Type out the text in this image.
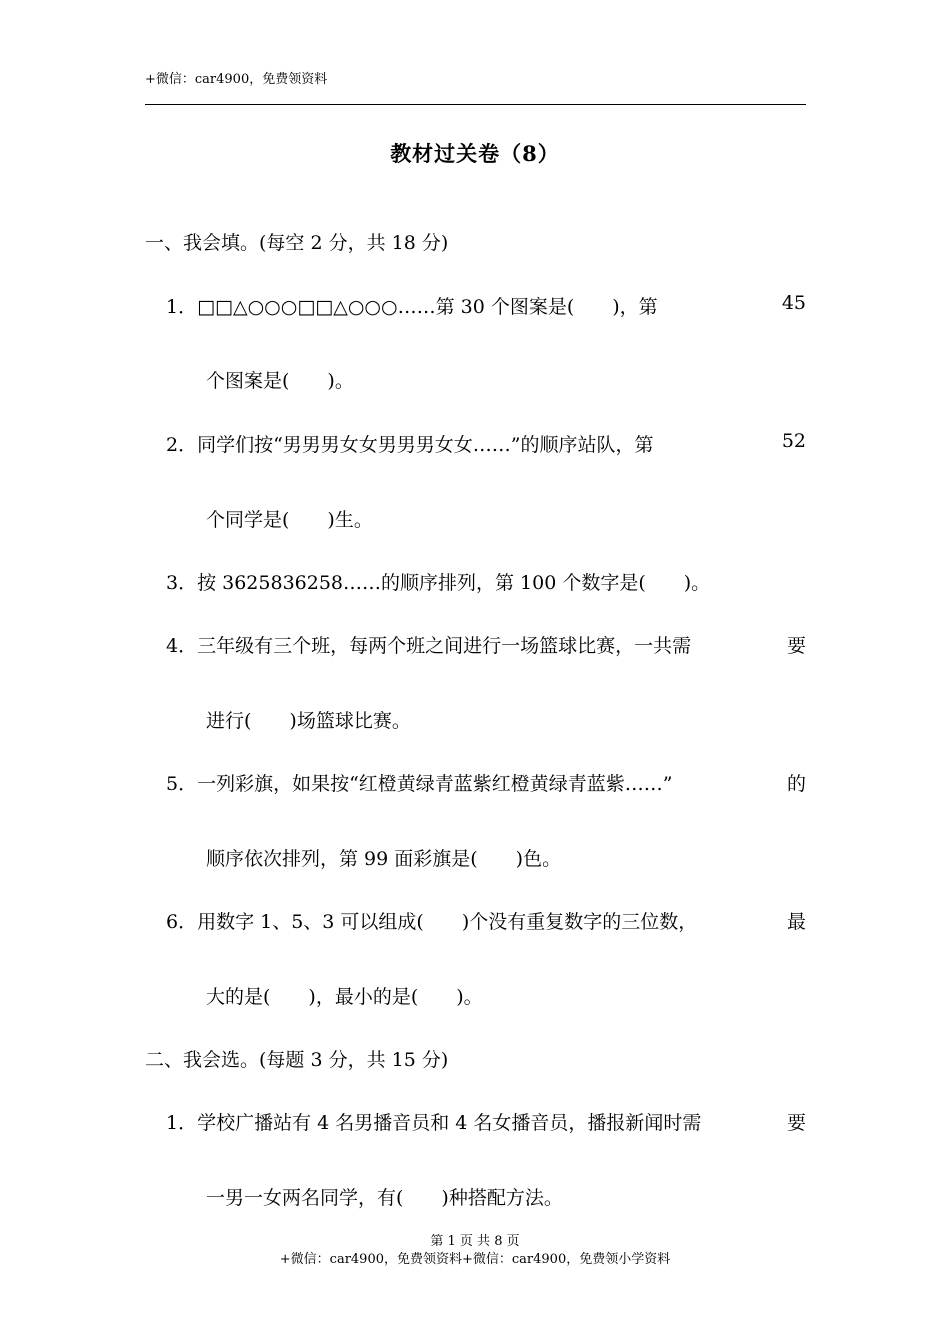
+微信：car4900，免费领资料
教材过关卷（8）
一、我会填。(每空 2 分，共 18 分)
1．□□△○○○□□△○○○……第 30 个图案是(　　)，第	45
个图案是(　　)。
2．同学们按“男男男女女男男男女女……”的顺序站队，第	52
个同学是(　　)生。
3．按 3625836258……的顺序排列，第 100 个数字是(　　)。
4．三年级有三个班，每两个班之间进行一场篮球比赛，一共需	要
进行(　　)场篮球比赛。
5．一列彩旗，如果按“红橙黄绿青蓝紫红橙黄绿青蓝紫……”	的
顺序依次排列，第 99 面彩旗是(　　)色。
6．用数字 1、5、3 可以组成(　　)个没有重复数字的三位数，	最
大的是(　　)，最小的是(　　)。
二、我会选。(每题 3 分，共 15 分)
1．学校广播站有 4 名男播音员和 4 名女播音员，播报新闻时需	要
一男一女两名同学，有(　　)种搭配方法。
第 1 页 共 8 页
+微信：car4900，免费领资料+微信：car4900，免费领小学资料
